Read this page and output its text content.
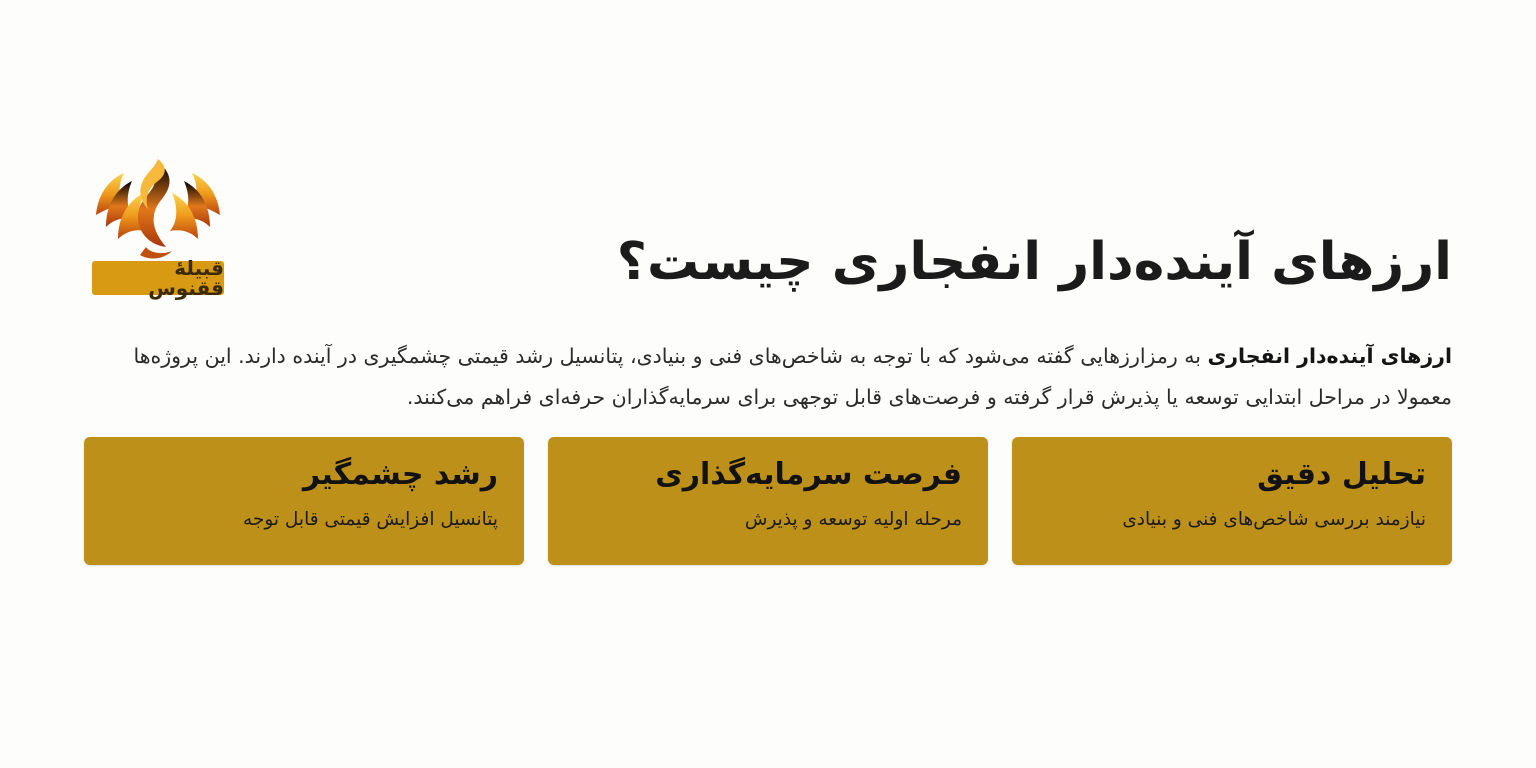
ارزهای آینده‌دار انفجاری چیست؟
قبیلهٔ ققنوس

ارزهای آینده‌دار انفجاری به رمزارزهایی گفته می‌شود که با توجه به شاخص‌های فنی و بنیادی، پتانسیل رشد قیمتی چشمگیری در آینده دارند. این پروژه‌ها معمولا در مراحل ابتدایی توسعه یا پذیرش قرار گرفته و فرصت‌های قابل توجهی برای سرمایه‌گذاران حرفه‌ای فراهم می‌کنند.

تحلیل دقیق
نیازمند بررسی شاخص‌های فنی و بنیادی
فرصت سرمایه‌گذاری
مرحله اولیه توسعه و پذیرش
رشد چشمگیر
پتانسیل افزایش قیمتی قابل توجه
